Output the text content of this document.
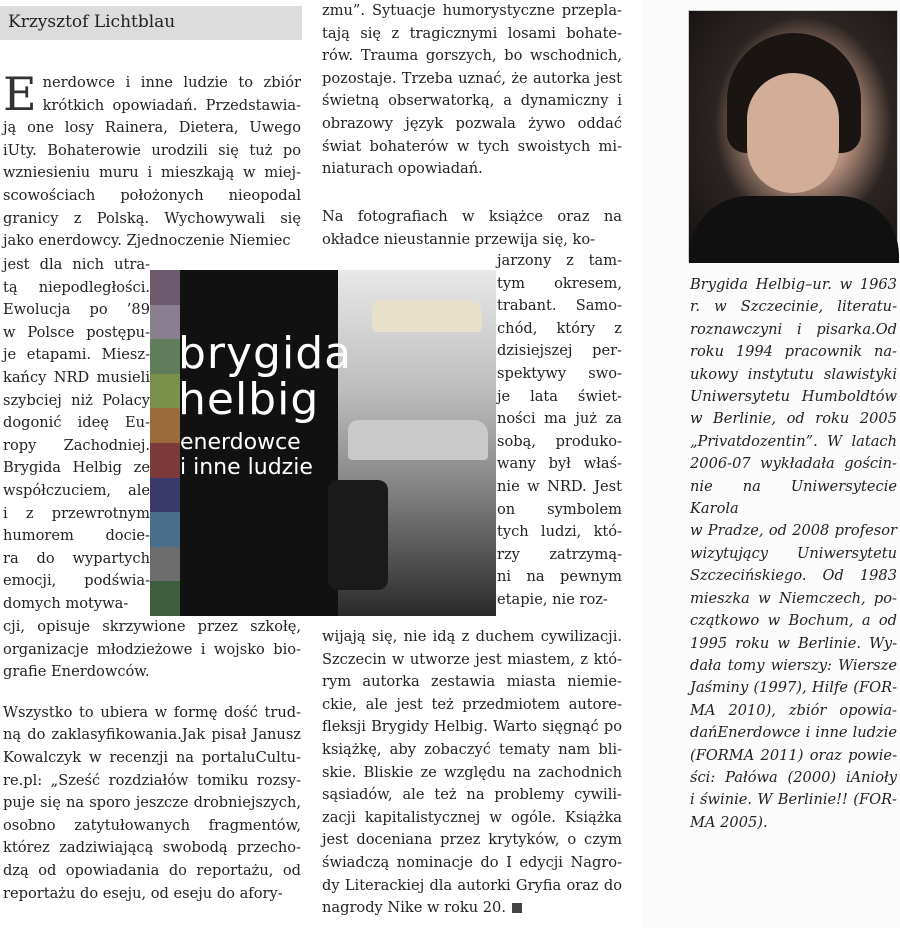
Krzysztof Lichtblau
E nerdowce i inne ludzie to zbiór
krótkich opowiadań. Przedstawia-
ją one losy Rainera, Dietera, Uwego
iUty. Bohaterowie urodzili się tuż po
wzniesieniu muru i mieszkają w miej-
scowościach położonych nieopodal
granicy z Polską. Wychowywali się
jako enerdowcy. Zjednoczenie Niemiec
jest dla nich utra-
tą niepodległości.
Ewolucja po ’89
w Polsce postępu-
je etapami. Miesz-
kańcy NRD musieli
szybciej niż Polacy
dogonić ideę Eu-
ropy Zachodniej.
Brygida Helbig ze
współczuciem, ale
i z przewrotnym
humorem docie-
ra do wypartych
emocji, podświa-
domych motywa-
cji, opisuje skrzywione przez szkołę,
organizacje młodzieżowe i wojsko bio-
grafie Enerdowców.
Wszystko to ubiera w formę dość trud-
ną do zaklasyfikowania.Jak pisał Janusz
Kowalczyk w recenzji na portaluCultu-
re.pl: „Sześć rozdziałów tomiku rozsy-
puje się na sporo jeszcze drobniejszych,
osobno zatytułowanych fragmentów,
którez zadziwiającą swobodą przecho-
dzą od opowiadania do reportażu, od
reportażu do eseju, od eseju do afory-
zmu”. Sytuacje humorystyczne przepla-
tają się z tragicznymi losami bohate-
rów. Trauma gorszych, bo wschodnich,
pozostaje. Trzeba uznać, że autorka jest
świetną obserwatorką, a dynamiczny i
obrazowy język pozwala żywo oddać
świat bohaterów w tych swoistych mi-
niaturach opowiadań.
Na fotografiach w książce oraz na
okładce nieustannie przewija się, ko-
jarzony z tam-
tym okresem,
trabant. Samo-
chód, który z
dzisiejszej per-
spektywy swo-
je lata świet-
ności ma już za
sobą, produko-
wany był właś-
nie w NRD. Jest
on symbolem
tych ludzi, któ-
rzy zatrzymą-
ni na pewnym
etapie, nie roz-
wijają się, nie idą z duchem cywilizacji.
Szczecin w utworze jest miastem, z któ-
rym autorka zestawia miasta niemie-
ckie, ale jest też przedmiotem autore-
fleksji Brygidy Helbig. Warto sięgnąć po
książkę, aby zobaczyć tematy nam bli-
skie. Bliskie ze względu na zachodnich
sąsiadów, ale też na problemy cywili-
zacji kapitalistycznej w ogóle. Książka
jest doceniana przez krytyków, o czym
świadczą nominacje do I edycji Nagro-
dy Literackiej dla autorki Gryfia oraz do
nagrody Nike w roku 20.
brygida
helbig
enerdowce
i inne ludzie
Brygida Helbig–ur. w 1963
r. w Szczecinie, literatu-
roznawczyni i pisarka.Od
roku 1994 pracownik na-
ukowy instytutu slawistyki
Uniwersytetu Humboldtów
w Berlinie, od roku 2005
„Privatdozentin”. W latach
2006-07 wykładała gościn-
nie na Uniwersytecie Karola
w Pradze, od 2008 profesor
wizytujący Uniwersytetu
Szczecińskiego. Od 1983
mieszka w Niemczech, po-
czątkowo w Bochum, a od
1995 roku w Berlinie. Wy-
dała tomy wierszy: Wiersze
Jaśminy (1997), Hilfe (FOR-
MA 2010), zbiór opowia-
dańEnerdowce i inne ludzie
(FORMA 2011) oraz powie-
ści: Pałówa (2000) iAnioły
i świnie. W Berlinie!! (FOR-
MA 2005).
